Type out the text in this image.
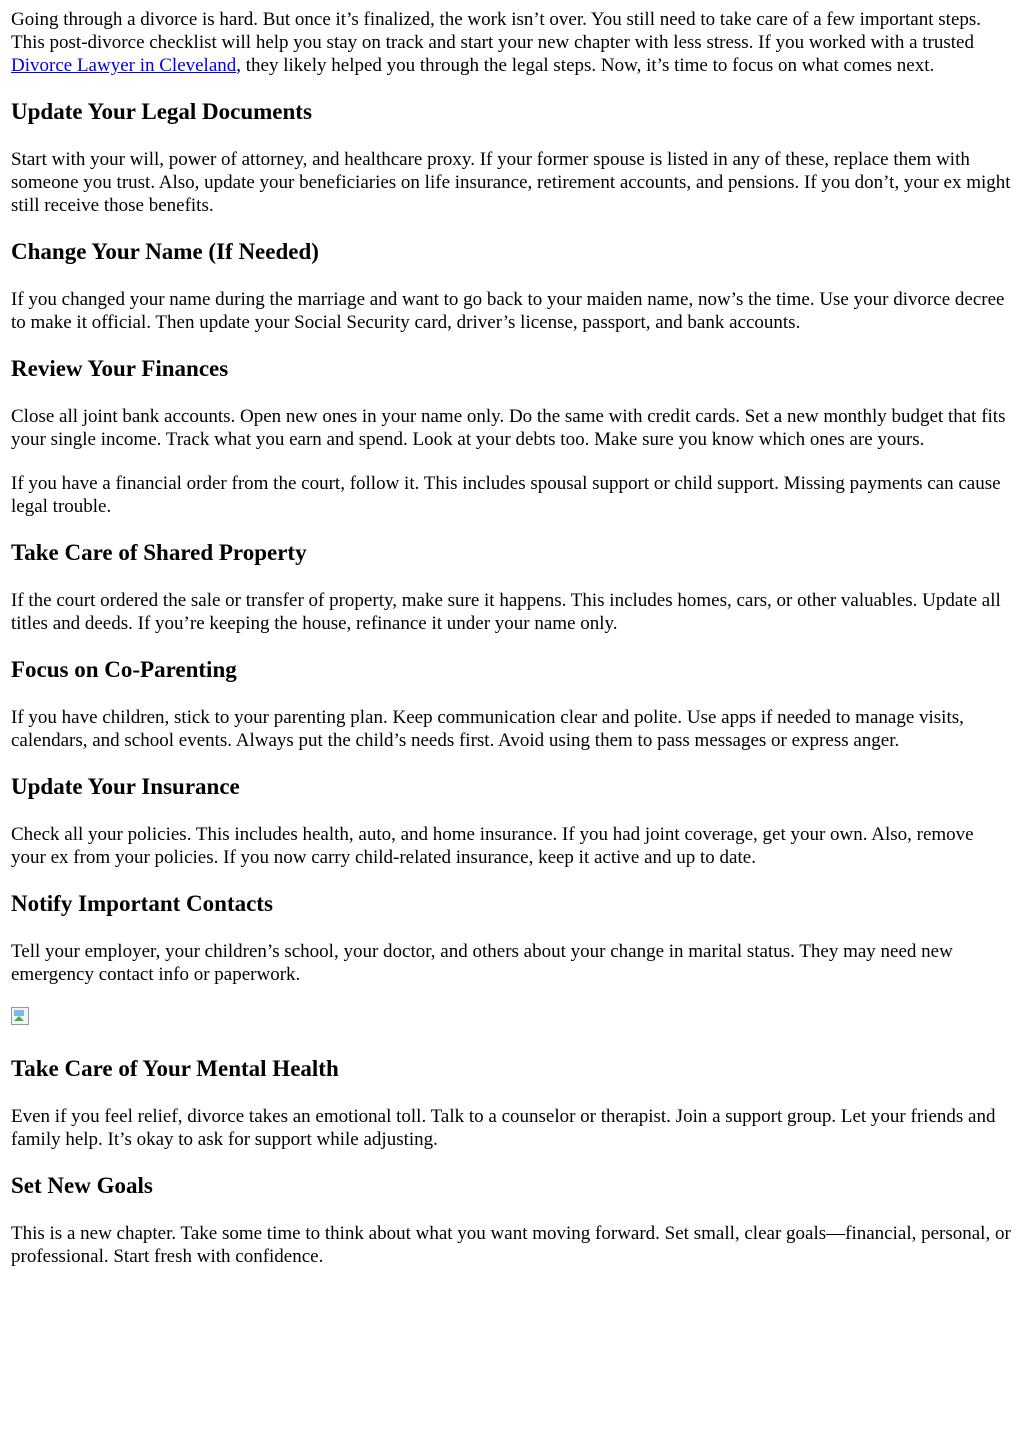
Going through a divorce is hard. But once it’s finalized, the work isn’t over. You still need to take care of a few important steps. This post-divorce checklist will help you stay on track and start your new chapter with less stress. If you worked with a trusted Divorce Lawyer in Cleveland, they likely helped you through the legal steps. Now, it’s time to focus on what comes next.

Update Your Legal Documents

Start with your will, power of attorney, and healthcare proxy. If your former spouse is listed in any of these, replace them with someone you trust. Also, update your beneficiaries on life insurance, retirement accounts, and pensions. If you don’t, your ex might still receive those benefits.

Change Your Name (If Needed)

If you changed your name during the marriage and want to go back to your maiden name, now’s the time. Use your divorce decree to make it official. Then update your Social Security card, driver’s license, passport, and bank accounts.

Review Your Finances

Close all joint bank accounts. Open new ones in your name only. Do the same with credit cards. Set a new monthly budget that fits your single income. Track what you earn and spend. Look at your debts too. Make sure you know which ones are yours.

If you have a financial order from the court, follow it. This includes spousal support or child support. Missing payments can cause legal trouble.

Take Care of Shared Property

If the court ordered the sale or transfer of property, make sure it happens. This includes homes, cars, or other valuables. Update all titles and deeds. If you’re keeping the house, refinance it under your name only.

Focus on Co-Parenting

If you have children, stick to your parenting plan. Keep communication clear and polite. Use apps if needed to manage visits, calendars, and school events. Always put the child’s needs first. Avoid using them to pass messages or express anger.

Update Your Insurance

Check all your policies. This includes health, auto, and home insurance. If you had joint coverage, get your own. Also, remove your ex from your policies. If you now carry child-related insurance, keep it active and up to date.

Notify Important Contacts

Tell your employer, your children’s school, your doctor, and others about your change in marital status. They may need new emergency contact info or paperwork.

Take Care of Your Mental Health

Even if you feel relief, divorce takes an emotional toll. Talk to a counselor or therapist. Join a support group. Let your friends and family help. It’s okay to ask for support while adjusting.

Set New Goals

This is a new chapter. Take some time to think about what you want moving forward. Set small, clear goals—financial, personal, or professional. Start fresh with confidence.
